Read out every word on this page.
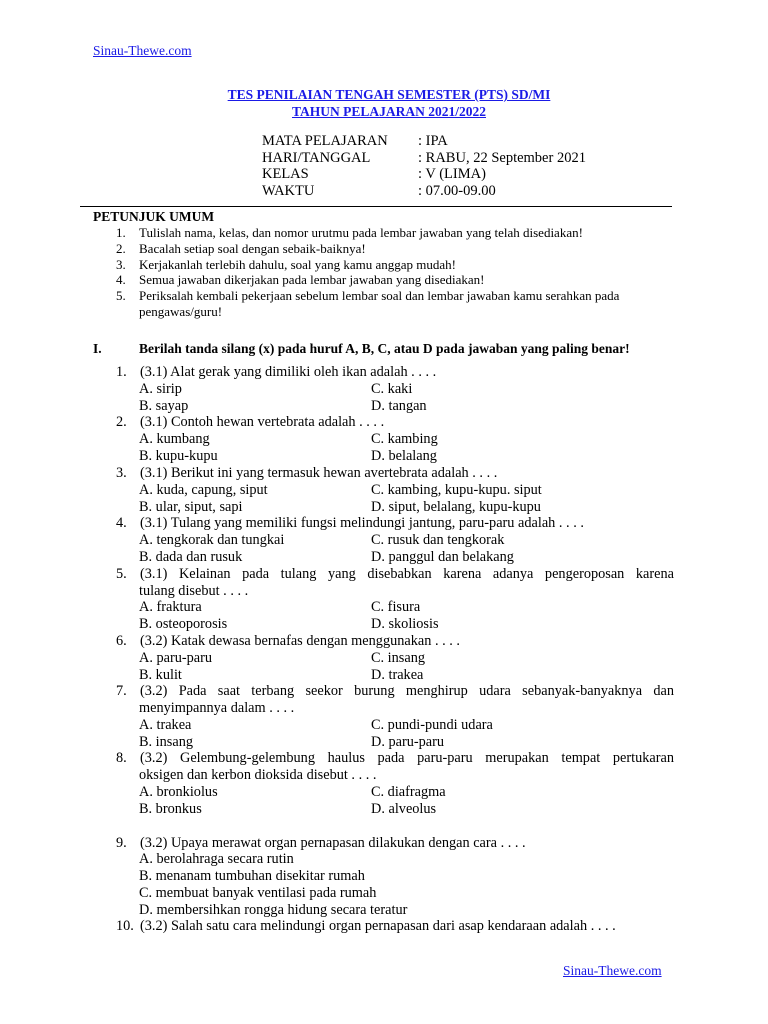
Sinau-Thewe.com
TES PENILAIAN TENGAH SEMESTER (PTS) SD/MI
TAHUN PELAJARAN 2021/2022
MATA PELAJARAN : IPA
HARI/TANGGAL	: RABU, 22 September 2021
KELAS	: V (LIMA)
WAKTU	: 07.00-09.00
PETUNJUK UMUM
1. Tulislah nama, kelas, dan nomor urutmu pada lembar jawaban yang telah disediakan!
2. Bacalah setiap soal dengan sebaik-baiknya!
3. Kerjakanlah terlebih dahulu, soal yang kamu anggap mudah!
4. Semua jawaban dikerjakan pada lembar jawaban yang disediakan!
5. Periksalah kembali pekerjaan sebelum lembar soal dan lembar jawaban kamu serahkan pada
pengawas/guru!
I.	Berilah tanda silang (x) pada huruf A, B, C, atau D pada jawaban yang paling benar!
1. (3.1) Alat gerak yang dimiliki oleh ikan adalah . . . .
A. sirip	C. kaki
B. sayap	D. tangan
2. (3.1) Contoh hewan vertebrata adalah . . . .
A. kumbang	C. kambing
B. kupu-kupu	D. belalang
3. (3.1) Berikut ini yang termasuk hewan avertebrata adalah . . . .
A. kuda, capung, siput	C. kambing, kupu-kupu. siput
B. ular, siput, sapi	D. siput, belalang, kupu-kupu
4. (3.1) Tulang yang memiliki fungsi melindungi jantung, paru-paru adalah . . . .
A. tengkorak dan tungkai	C. rusuk dan tengkorak
B. dada dan rusuk	D. panggul dan belakang
5. (3.1) Kelainan pada tulang yang disebabkan karena adanya pengeroposan karena
tulang disebut . . . .
A. fraktura	C. fisura
B. osteoporosis	D. skoliosis
6. (3.2) Katak dewasa bernafas dengan menggunakan . . . .
A. paru-paru	C. insang
B. kulit	D. trakea
7. (3.2) Pada saat terbang seekor burung menghirup udara sebanyak-banyaknya dan
menyimpannya dalam . . . .
A. trakea	C. pundi-pundi udara
B. insang	D. paru-paru
8. (3.2) Gelembung-gelembung haulus pada paru-paru merupakan tempat pertukaran
oksigen dan kerbon dioksida disebut . . . .
A. bronkiolus	C. diafragma
B. bronkus	D. alveolus
9. (3.2) Upaya merawat organ pernapasan dilakukan dengan cara . . . .
A. berolahraga secara rutin
B. menanam tumbuhan disekitar rumah
C. membuat banyak ventilasi pada rumah
D. membersihkan rongga hidung secara teratur
10. (3.2) Salah satu cara melindungi organ pernapasan dari asap kendaraan adalah . . . .
Sinau-Thewe.com
